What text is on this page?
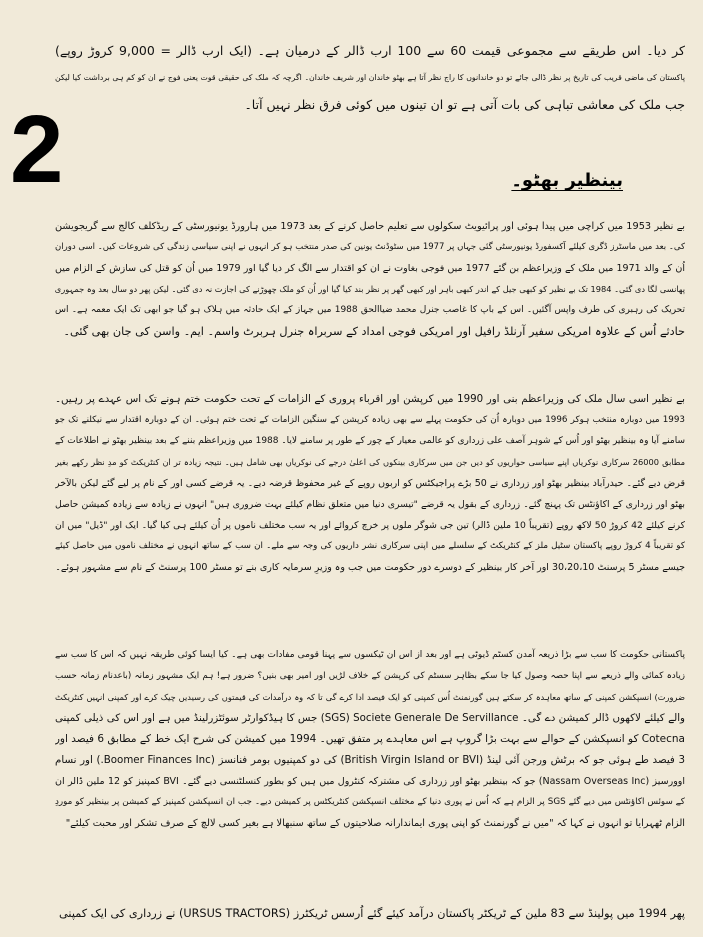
کر دیا۔ اس طریقے سے مجموعی قیمت 60 سے 100 ارب ڈالر کے درمیان ہے۔ (ایک ارب ڈالر = 9,000 کروڑ روپے)
پاکستان کی ماضی قریب کی تاریخ پر نظر ڈالی جائے تو دو خاندانوں کا راج نظر آتا ہے بھٹو خاندان اور شریف خاندان۔ اگرچہ کہ ملک کی حقیقی قوت یعنی فوج نے ان کو کم ہی برداشت کیا لیکن
جب ملک کی معاشی تباہی کی بات آتی ہے تو ان تینوں میں کوئی فرق نظر نہیں آتا۔
2	بینظیر بھٹو۔
بے نظیر 1953 میں کراچی میں پیدا ہوئی اور پرائیویٹ سکولوں سے تعلیم حاصل کرنے کے بعد 1973 میں ہارورڈ یونیورسٹی کے ریڈکلف کالج سے گریجویشن
کی۔ بعد میں ماسٹرز ڈگری کیلئے آکسفورڈ یونیورسٹی گئی جہاں پر 1977 میں سٹوڈنٹ یونین کی صدر منتخب ہو کر انہوں نے اپنی سیاسی زندگی کی شروعات کیں۔ اسی دوران
اُن کے والد 1971 میں ملک کے وزیراعظم بن گئے 1977 میں فوجی بغاوت نے ان کو اقتدار سے الگ کر دیا گیا اور 1979 میں اُن کو قتل کی سازش کے الزام میں
پھانسی لگا دی گئی۔ 1984 تک بے نظیر کو کبھی جیل کے اندر کبھی باہر اور کبھی گھر پر نظر بند کیا گیا اور اُن کو ملک چھوڑنے کی اجازت نہ دی گئی۔ لیکن پھر دو سال بعد وہ جمہوری
تحریک کی رہبری کی طرف واپس آگئیں۔ اس کے باپ کا غاصب جنرل محمد ضیاالحق 1988 میں جہاز کے ایک حادثہ میں ہلاک ہو گیا جو ابھی تک ایک معمہ ہے۔ اس
حادثے اُس کے علاوہ امریکی سفیر آرنلڈ رافیل اور امریکی فوجی امداد کے سربراہ جنرل ہربرٹ واسم۔ ایم۔ واسن کی جان بھی گئی۔
بے نظیر اسی سال ملک کی وزیراعظم بنی اور 1990 میں کرپشن اور اقرباء پروری کے الزامات کے تحت حکومت ختم ہونے تک اس عہدے پر رہیں۔
1993 میں دوبارہ منتخب ہوکر 1996 میں دوبارہ اُن کی حکومت پہلے سے بھی زیادہ کرپشن کے سنگین الزامات کے تحت ختم ہوئی۔ ان کے دوبارہ اقتدار سے نیکلنے تک جو
سامنے آیا وہ بینظیر بھٹو اور اُس کے شوہر آصف علی زرداری کو عالمی معیار کے چور کے طور پر سامنے لایا۔ 1988 میں وزیراعظم بننے کے بعد بینظیر بھٹو نے اطلاعات کے
مطابق 26000 سرکاری نوکریاں اپنے سیاسی حواریوں کو دیں جن میں سرکاری بینکوں کی اعلیٰ درجے کی نوکریاں بھی شامل ہیں۔ نتیجہ زیادہ تر ان کنٹریکٹ کو مدِ نظر رکھے بغیر
قرض دیے گئے۔ حیدرآباد بینظیر بھٹو اور زرداری نے 50 بڑے پراجیکٹس کو اربوں روپے کے غیر محفوظ قرضہ دیے۔ یہ قرضے کسی اور کے نام پر لیے گئے لیکن بالآخر
بھٹو اور زرداری کے اکاؤنٹس تک پہنچ گئے۔ زرداری کے بقول یہ قرضے "تیسری دنیا میں متعلق نظام کیلئے بہت ضروری ہیں" انہوں نے زیادہ سے زیادہ کمیشن حاصل
کرنے کیلئے 42 کروڑ 50 لاکھ روپے (تقریباً 10 ملین ڈالر) تین جی شوگر ملوں پر خرچ کروائے اور یہ سب مختلف ناموں پر اُن کیلئے ہی کیا گیا۔ ایک اور "ڈیل" میں ان
کو تقریباً 4 کروڑ روپے پاکستان سٹیل ملز کے کنٹریکٹ کے سلسلے میں اپنی سرکاری نشر داریوں کی وجہ سے ملے۔ ان سب کے ساتھ انہوں نے مختلف ناموں میں حاصل کیئے
جیسے مسٹر 5 پرسنٹ 30،20،10 اور آخر کار بینظیر کے دوسرے دور حکومت میں جب وہ وزیرِ سرمایہ کاری بنے تو مسٹر 100 پرسنٹ کے نام سے مشہور ہوئے۔
پاکستانی حکومت کا سب سے بڑا ذریعہ آمدن کسٹم ڈیوٹی ہے اور بعد از اس ان ٹیکسوں سے پہنا قومی مفادات بھی ہے۔ کیا ایسا کوئی طریقہ نہیں کہ اس کا سب سے
زیادہ کمائی والے ذریعے سے اپنا حصہ وصول کیا جا سکے بظاہر سسٹم کی کرپشن کے خلاف لڑیں اور امیر بھی بنیں؟ ضرور ہے! ہم ایک مشہور زمانہ (باعدنام زمانہ حسب
ضرورت) انسپکشن کمپنی کے ساتھ معاہدہ کر سکتے ہیں گورنمنٹ اُس کمپنی کو ایک فیصد ادا کرے گی تا کہ وہ درآمدات کی قیمتوں کی رسیدیں چیک کرے اور کمپنی انہیں کنٹریکٹ
والے کیلئے لاکھوں ڈالر کمیشن دے گی۔ SGS) Societe Generale De Servillance) جس کا ہیڈکوارٹر سوئٹزرلینڈ میں ہے اور اس کی ذیلی کمپنی
Cotecna کو انسپکشن کے حوالے سے بہت بڑا گروپ ہے اس معاہدے پر متفق تھیں۔ 1994 میں کمیشن کی شرح ایک خط کے مطابق 6 فیصد اور
3 فیصد طے ہوئی جو کہ برٹش ورجن آئی لینڈ (British Virgin Island or BVI) کی دو کمپنیوں بومر فنانسز (Boomer Finances Inc.) اور نسام
اوورسیز (Nassam Overseas Inc) جو کہ بینظیر بھٹو اور زرداری کی مشترکہ کنٹرول میں ہیں کو بطور کنسلٹنسی دیے گئے۔ BVI کمپنیز کو 12 ملین ڈالر ان
کے سوئس اکاؤنٹس میں دیے گئے SGS پر الزام ہے کہ اُس نے پوری دنیا کے مختلف انسپکشن کنٹریکٹس پر کمیشن دیے۔ جب ان انسپکشن کمپنیز کے کمیشن پر بینظیر کو موردِ
الزام ٹھہرایا تو انہوں نے کہا کہ "میں نے گورنمنٹ کو اپنی پوری ایماندارانہ صلاحیتوں کے ساتھ سنبھالا ہے بغیر کسی لالچ کے صرف تشکر اور محبت کیلئے"
پھر 1994 میں پولینڈ سے 83 ملین کے ٹریکٹر پاکستان درآمد کیئے گئے اُرسس ٹریکٹرز (URSUS TRACTORS) نے زرداری کی ایک کمپنی
